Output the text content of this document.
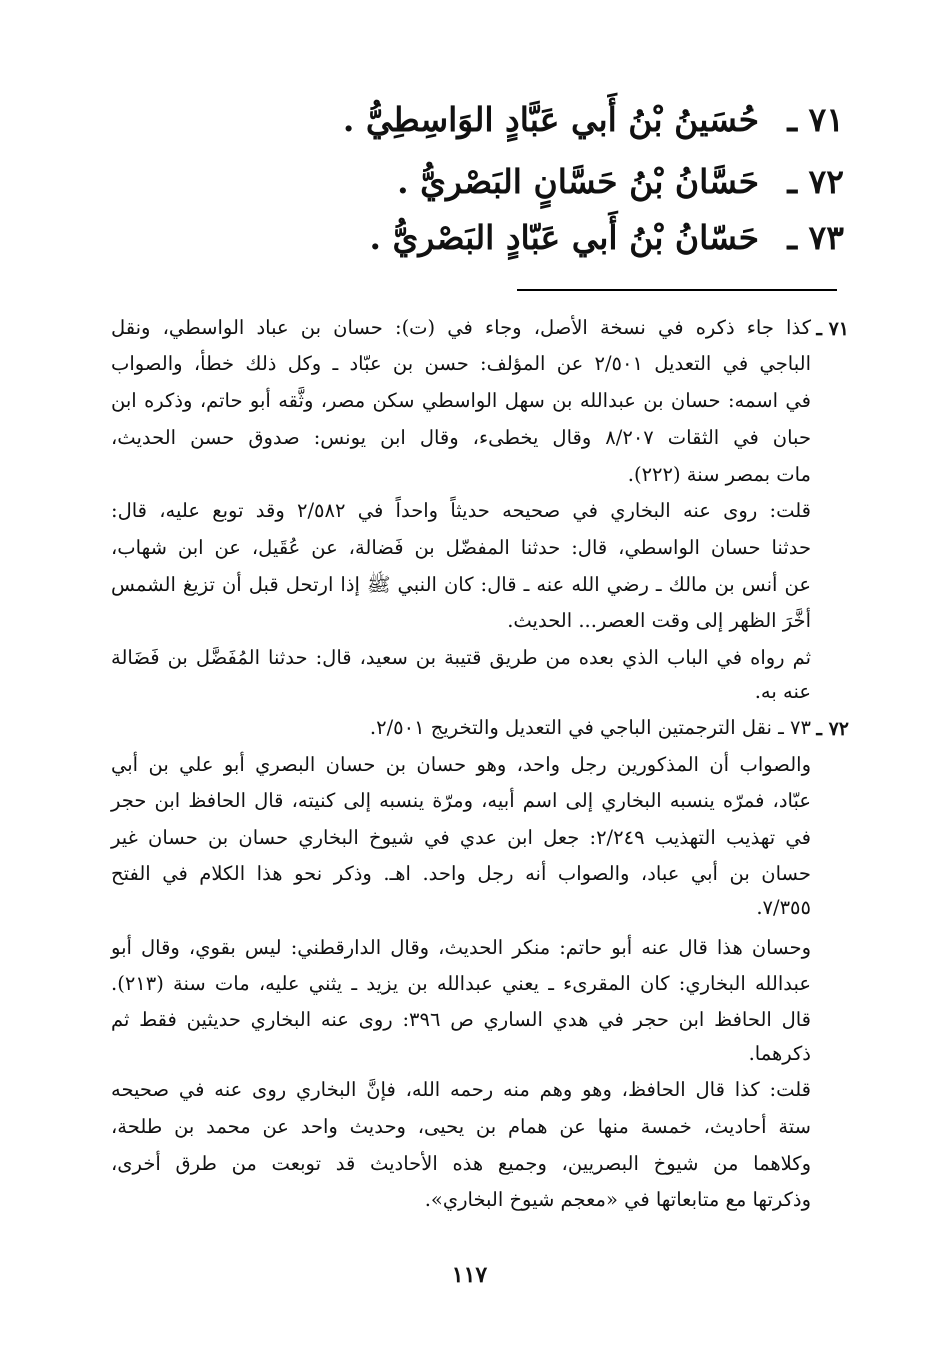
٧١ ـ
حُسَينُ بْنُ أَبي عَبَّادٍ الوَاسِطِيُّ .
٧٢ ـ
حَسَّانُ بْنُ حَسَّانٍ البَصْريُّ .
٧٣ ـ
حَسّانُ بْنُ أَبي عَبّادٍ البَصْريُّ .
٧١ ـ
كذا جاء ذكره في نسخة الأصل، وجاء في (ت): حسان بن عباد الواسطي، ونقل
الباجي في التعديل ٢/٥٠١ عن المؤلف: حسن بن عبّاد ـ وكل ذلك خطأ، والصواب
في اسمه: حسان بن عبدالله بن سهل الواسطي سكن مصر، وثَّقه أبو حاتم، وذكره ابن
حبان في الثقات ٨/٢٠٧ وقال يخطىء، وقال ابن يونس: صدوق حسن الحديث،
مات بمصر سنة (٢٢٢).
قلت: روى عنه البخاري في صحيحه حديثاً واحداً في ٢/٥٨٢ وقد توبع عليه، قال:
حدثنا حسان الواسطي، قال: حدثنا المفضّل بن فَضالة، عن عُقَيل، عن ابن شهاب،
عن أنس بن مالك ـ رضي الله عنه ـ قال: كان النبي ﷺ إذا ارتحل قبل أن تزيغ الشمس
أخَّرَ الظهر إلى وقت العصر... الحديث.
ثم رواه في الباب الذي بعده من طريق قتيبة بن سعيد، قال: حدثنا المُفَضَّل بن فَضَالة
عنه به.
٧٢ ـ
٧٣ ـ نقل الترجمتين الباجي في التعديل والتخريج ٢/٥٠١.
والصواب أن المذكورين رجل واحد، وهو حسان بن حسان البصري أبو علي بن أبي
عبّاد، فمرّه ينسبه البخاري إلى اسم أبيه، ومرّة ينسبه إلى كنيته، قال الحافظ ابن حجر
في تهذيب التهذيب ٢/٢٤٩: جعل ابن عدي في شيوخ البخاري حسان بن حسان غير
حسان بن أبي عباد، والصواب أنه رجل واحد. اهـ. وذكر نحو هذا الكلام في الفتح
٧/٣٥٥.
وحسان هذا قال عنه أبو حاتم: منكر الحديث، وقال الدارقطني: ليس بقوي، وقال أبو
عبدالله البخاري: كان المقرىء ـ يعني عبدالله بن يزيد ـ يثني عليه، مات سنة (٢١٣).
قال الحافظ ابن حجر في هدي الساري ص ٣٩٦: روى عنه البخاري حديثين فقط ثم
ذكرهما.
قلت: كذا قال الحافظ، وهو وهم منه رحمه الله، فإنَّ البخاري روى عنه في صحيحه
ستة أحاديث، خمسة منها عن همام بن يحيى، وحديث واحد عن محمد بن طلحة،
وكلاهما من شيوخ البصريين، وجميع هذه الأحاديث قد توبعت من طرق أخرى،
وذكرتها مع متابعاتها في «معجم شيوخ البخاري».
١١٧
